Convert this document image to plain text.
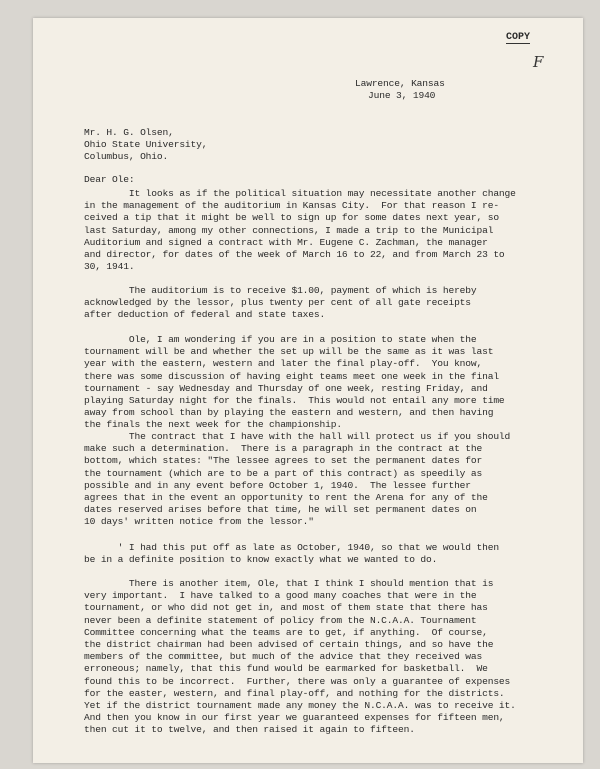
COPY
F
Lawrence, Kansas
June 3, 1940
Mr. H. G. Olsen,
Ohio State University,
Columbus, Ohio.
Dear Ole:
It looks as if the political situation may necessitate another change
in the management of the auditorium in Kansas City.  For that reason I re-
ceived a tip that it might be well to sign up for some dates next year, so
last Saturday, among my other connections, I made a trip to the Municipal
Auditorium and signed a contract with Mr. Eugene C. Zachman, the manager
and director, for dates of the week of March 16 to 22, and from March 23 to
30, 1941.
The auditorium is to receive $1.00, payment of which is hereby
acknowledged by the lessor, plus twenty per cent of all gate receipts
after deduction of federal and state taxes.
Ole, I am wondering if you are in a position to state when the
tournament will be and whether the set up will be the same as it was last
year with the eastern, western and later the final play-off.  You know,
there was some discussion of having eight teams meet one week in the final
tournament - say Wednesday and Thursday of one week, resting Friday, and
playing Saturday night for the finals.  This would not entail any more time
away from school than by playing the eastern and western, and then having
the finals the next week for the championship.
The contract that I have with the hall will protect us if you should
make such a determination.  There is a paragraph in the contract at the
bottom, which states: "The lessee agrees to set the permanent dates for
the tournament (which are to be a part of this contract) as speedily as
possible and in any event before October 1, 1940.  The lessee further
agrees that in the event an opportunity to rent the Arena for any of the
dates reserved arises before that time, he will set permanent dates on
10 days' written notice from the lessor."
' I had this put off as late as October, 1940, so that we would then
be in a definite position to know exactly what we wanted to do.
There is another item, Ole, that I think I should mention that is
very important.  I have talked to a good many coaches that were in the
tournament, or who did not get in, and most of them state that there has
never been a definite statement of policy from the N.C.A.A. Tournament
Committee concerning what the teams are to get, if anything.  Of course,
the district chairman had been advised of certain things, and so have the
members of the committee, but much of the advice that they received was
erroneous; namely, that this fund would be earmarked for basketball.  We
found this to be incorrect.  Further, there was only a guarantee of expenses
for the easter, western, and final play-off, and nothing for the districts.
Yet if the district tournament made any money the N.C.A.A. was to receive it.
And then you know in our first year we guaranteed expenses for fifteen men,
then cut it to twelve, and then raised it again to fifteen.
